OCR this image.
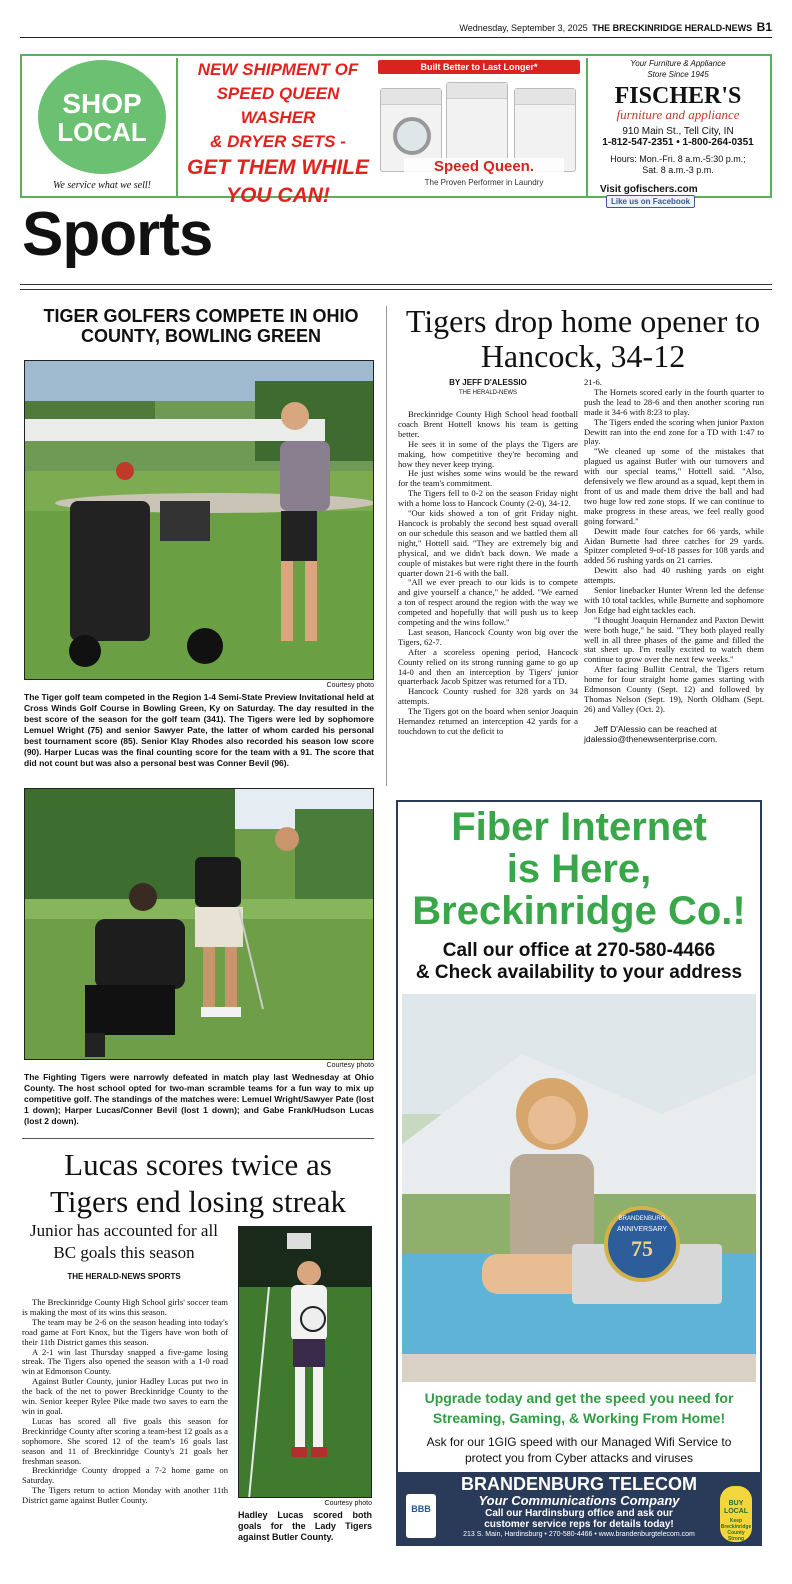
Wednesday, September 3, 2025 THE BRECKINRIDGE HERALD-NEWS B1
SHOP
LOCAL
We service what we sell!
NEW SHIPMENT OF
SPEED QUEEN WASHER
& DRYER SETS -
GET THEM WHILE
YOU CAN!
Built Better to Last Longer*
Speed Queen.
The Proven Performer in Laundry
Your Furniture & Appliance
Store Since 1945
FISCHER'S
furniture and appliance
910 Main St., Tell City, IN
1-812-547-2351 • 1-800-264-0351
Hours: Mon.-Fri. 8 a.m.-5:30 p.m.;
Sat. 8 a.m.-3 p.m.
Visit gofischers.com Like us on Facebook
Sports
TIGER GOLFERS COMPETE IN OHIO COUNTY, BOWLING GREEN
Courtesy photo
The Tiger golf team competed in the Region 1-4 Semi-State Preview Invitational held at Cross Winds Golf Course in Bowling Green, Ky on Saturday. The day resulted in the best score of the season for the golf team (341). The Tigers were led by sophomore Lemuel Wright (75) and senior Sawyer Pate, the latter of whom carded his personal best tournament score (85). Senior Klay Rhodes also recorded his season low score (90). Harper Lucas was the final counting score for the team with a 91. The score that did not count but was also a personal best was Conner Bevil (96).
Courtesy photo
The Fighting Tigers were narrowly defeated in match play last Wednesday at Ohio County. The host school opted for two-man scramble teams for a fun way to mix up competitive golf. The standings of the matches were: Lemuel Wright/Sawyer Pate (lost 1 down); Harper Lucas/Conner Bevil (lost 1 down); and Gabe Frank/Hudson Lucas (lost 2 down).
Tigers drop home opener to Hancock, 34-12
BY JEFF D'ALESSIO
THE HERALD-NEWS

Breckinridge County High School head football coach Brent Hottell knows his team is getting better.

He sees it in some of the plays the Tigers are making, how competitive they're becoming and how they never keep trying.

He just wishes some wins would be the reward for the team's commitment.

The Tigers fell to 0-2 on the season Friday night with a home loss to Hancock County (2-0), 34-12.

"Our kids showed a ton of grit Friday night. Hancock is probably the second best squad overall on our schedule this season and we battled them all night," Hottell said. "They are extremely big and physical, and we didn't back down. We made a couple of mistakes but were right there in the fourth quarter down 21-6 with the ball.

"All we ever preach to our kids is to compete and give yourself a chance," he added. "We earned a ton of respect around the region with the way we competed and hopefully that will push us to keep competing and the wins follow."

Last season, Hancock County won big over the Tigers, 62-7.

After a scoreless opening period, Hancock County relied on its strong running game to go up 14-0 and then an interception by Tigers' junior quarterback Jacob Spitzer was returned for a TD.

Hancock County rushed for 328 yards on 34 attempts.

The Tigers got on the board when senior Joaquin Hernandez returned an interception 42 yards for a touchdown to cut the deficit to

21-6.

The Hornets scored early in the fourth quarter to push the lead to 28-6 and then another scoring run made it 34-6 with 8:23 to play.

The Tigers ended the scoring when junior Paxton Dewitt ran into the end zone for a TD with 1:47 to play.

"We cleaned up some of the mistakes that plagued us against Butler with our turnovers and with our special teams," Hottell said. "Also, defensively we flew around as a squad, kept them in front of us and made them drive the ball and had two huge low red zone stops. If we can continue to make progress in these areas, we feel really good going forward."

Dewitt made four catches for 66 yards, while Aidan Burnette had three catches for 29 yards. Spitzer completed 9-of-18 passes for 108 yards and added 56 rushing yards on 21 carries.

Dewitt also had 40 rushing yards on eight attempts.

Senior linebacker Hunter Wrenn led the defense with 10 total tackles, while Burnette and sophomore Jon Edge had eight tackles each.

"I thought Joaquin Hernandez and Paxton Dewitt were both huge," he said. "They both played really well in all three phases of the game and filled the stat sheet up. I'm really excited to watch them continue to grow over the next few weeks."

After facing Bullitt Central, the Tigers return home for four straight home games starting with Edmonson County (Sept. 12) and followed by Thomas Nelson (Sept. 19), North Oldham (Sept. 26) and Valley (Oct. 2).

Jeff D'Alessio can be reached at

jdalessio@thenewsenterprise.com.

Fiber Internet
is Here,
Breckinridge Co.!
Call our office at 270-580-4466
& Check availability to your address
BRANDENBURG
ANNIVERSARY
75
Upgrade today and get the speed you need for
Streaming, Gaming, & Working From Home!
Ask for our 1GIG speed with our Managed Wifi Service to
protect you from Cyber attacks and viruses
BRANDENBURG TELECOM
Your Communications Company
Call our Hardinsburg office and ask our
customer service reps for details today!
213 S. Main, Hardinsburg • 270-580-4466 • www.brandenburgtelecom.com
BBB
BUY LOCAL
Keep Breckinridge County Strong
Lucas scores twice as Tigers end losing streak
Junior has accounted for all BC goals this season
THE HERALD-NEWS SPORTS

The Breckinridge County High School girls' soccer team is making the most of its wins this season.

The team may be 2-6 on the season heading into today's road game at Fort Knox, but the Tigers have won both of their 11th District games this season.

A 2-1 win last Thursday snapped a five-game losing streak. The Tigers also opened the season with a 1-0 road win at Edmonson County.

Against Butler County, junior Hadley Lucas put two in the back of the net to power Breckinridge County to the win. Senior keeper Rylee Pike made two saves to earn the win in goal.

Lucas has scored all five goals this season for Breckinridge County after scoring a team-best 12 goals as a sophomore. She scored 12 of the team's 16 goals last season and 11 of Breckinridge County's 21 goals her freshman season.

Breckinridge County dropped a 7-2 home game on Saturday.

The Tigers return to action Monday with another 11th District game against Butler County.	Courtesy photo
Hadley Lucas scored both goals for the Lady Tigers against Butler County.
